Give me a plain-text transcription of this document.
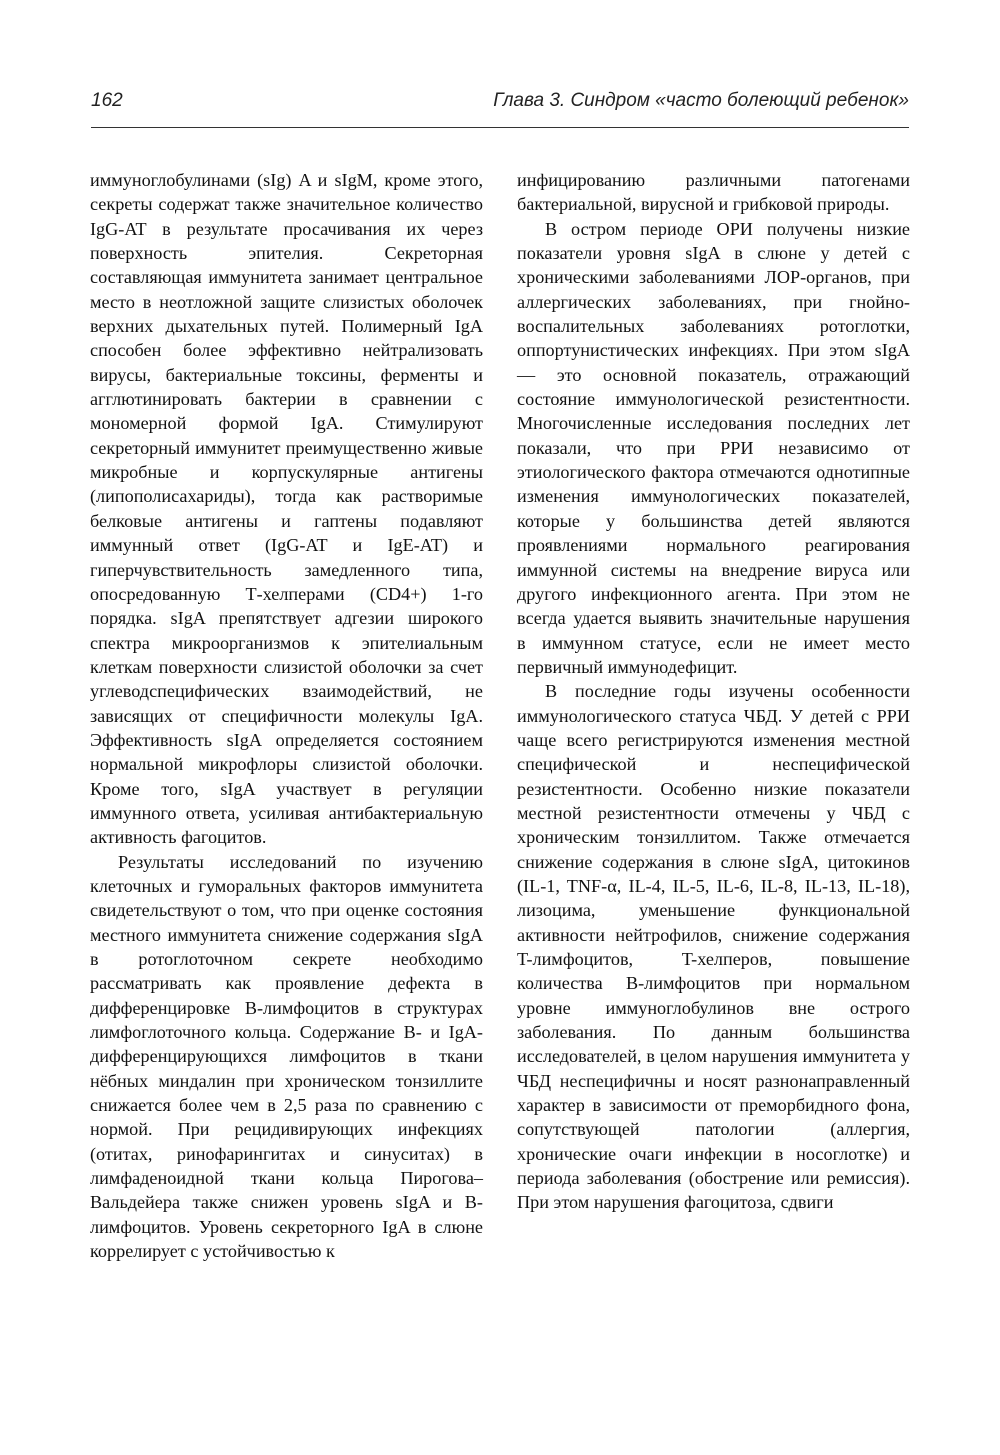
162	Глава 3. Синдром «часто болеющий ребенок»

иммуноглобулинами (sIg) A и sIgM, кроме этого, секреты содержат также значительное количество IgG-AT в результате просачивания их через поверхность эпителия. Секреторная составляющая иммунитета занимает центральное место в неотложной защите слизистых оболочек верхних дыхательных путей. Полимерный IgA способен более эффективно нейтрализовать вирусы, бактериальные токсины, ферменты и агглютинировать бактерии в сравнении с мономерной формой IgA. Стимулируют секреторный иммунитет преимущественно живые микробные и корпускулярные антигены (липополисахариды), тогда как растворимые белковые антигены и гаптены подавляют иммунный ответ (IgG-AT и IgE-AT) и гиперчувствительность замедленного типа, опосредованную Т-хелперами (CD4+) 1-го порядка. sIgA препятствует адгезии широкого спектра микроорганизмов к эпителиальным клеткам поверхности слизистой оболочки за счет углеводспецифических взаимодействий, не зависящих от специфичности молекулы IgA. Эффективность sIgA определяется состоянием нормальной микрофлоры слизистой оболочки. Кроме того, sIgA участвует в регуляции иммунного ответа, усиливая антибактериальную активность фагоцитов.

Результаты исследований по изучению клеточных и гуморальных факторов иммунитета свидетельствуют о том, что при оценке состояния местного иммунитета снижение содержания sIgA в ротоглоточном секрете необходимо рассматривать как проявление дефекта в дифференцировке B-лимфоцитов в структурах лимфоглоточного кольца. Содержание B- и IgA-дифференцирующихся лимфоцитов в ткани нёбных миндалин при хроническом тонзиллите снижается более чем в 2,5 раза по сравнению с нормой. При рецидивирующих инфекциях (отитах, ринофарингитах и синуситах) в лимфаденоидной ткани кольца Пирогова–Вальдейера также снижен уровень sIgA и B-лимфоцитов. Уровень секреторного IgA в слюне коррелирует с устойчивостью к

инфицированию различными патогенами бактериальной, вирусной и грибковой природы.

В остром периоде ОРИ получены низкие показатели уровня sIgA в слюне у детей с хроническими заболеваниями ЛОР-органов, при аллергических заболеваниях, при гнойно-воспалительных заболеваниях ротоглотки, оппортунистических инфекциях. При этом sIgA — это основной показатель, отражающий состояние иммунологической резистентности. Многочисленные исследования последних лет показали, что при РРИ независимо от этиологического фактора отмечаются однотипные изменения иммунологических показателей, которые у большинства детей являются проявлениями нормального реагирования иммунной системы на внедрение вируса или другого инфекционного агента. При этом не всегда удается выявить значительные нарушения в иммунном статусе, если не имеет место первичный иммунодефицит.

В последние годы изучены особенности иммунологического статуса ЧБД. У детей с РРИ чаще всего регистрируются изменения местной специфической и неспецифической резистентности. Особенно низкие показатели местной резистентности отмечены у ЧБД с хроническим тонзиллитом. Также отмечается снижение содержания в слюне sIgA, цитокинов (IL-1, TNF-α, IL-4, IL-5, IL-6, IL-8, IL-13, IL-18), лизоцима, уменьшение функциональной активности нейтрофилов, снижение содержания T-лимфоцитов, T-хелперов, повышение количества B-лимфоцитов при нормальном уровне иммуноглобулинов вне острого заболевания. По данным большинства исследователей, в целом нарушения иммунитета у ЧБД неспецифичны и носят разнонаправленный характер в зависимости от преморбидного фона, сопутствующей патологии (аллергия, хронические очаги инфекции в носоглотке) и периода заболевания (обострение или ремиссия). При этом нарушения фагоцитоза, сдвиги
